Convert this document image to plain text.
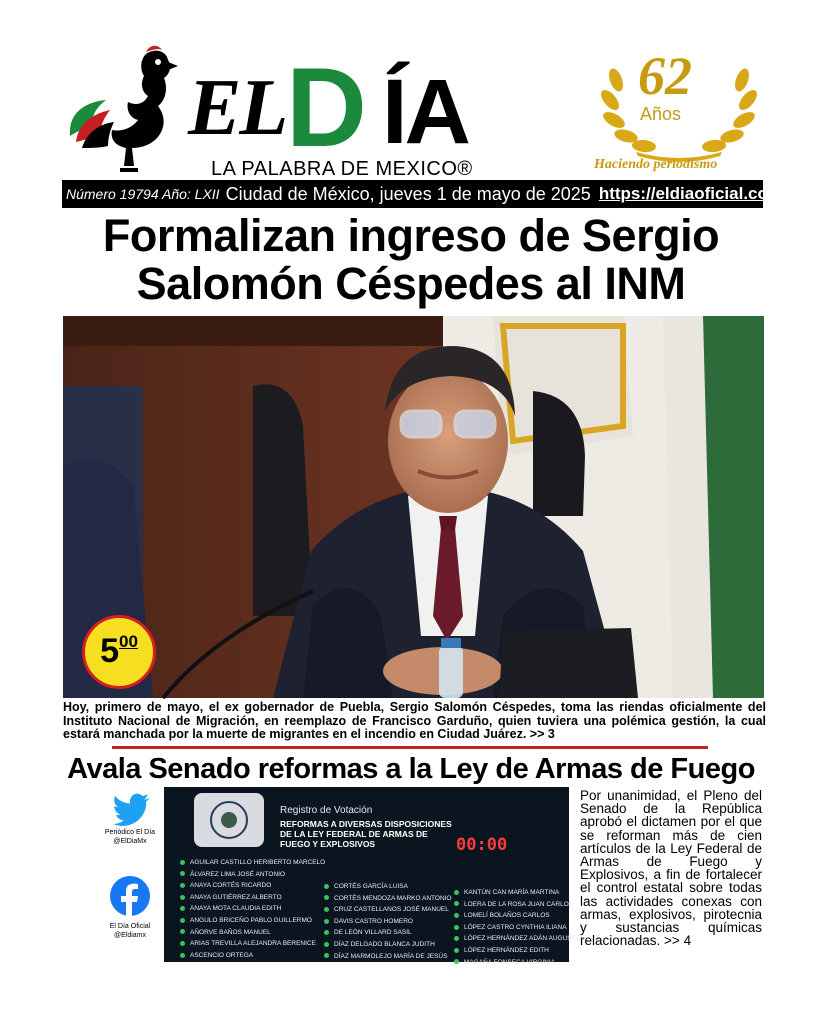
EL D ÍA
LA PALABRA DE MEXICO®
62
Años
Haciendo periodismo
Número 19794 Año: LXII Ciudad de México, jueves 1 de mayo de 2025 https://eldiaoficial.com/
Formalizan ingreso de Sergio
Salomón Céspedes al INM
5 00
Hoy, primero de mayo, el ex gobernador de Puebla, Sergio Salomón Céspedes, toma las riendas oficialmente del Instituto Nacional de Migración, en reemplazo de Francisco Garduño, quien tuviera una polémica gestión, la cual estará manchada por la muerte de migrantes en el incendio en Ciudad Juárez. >> 3
Avala Senado reformas a la Ley de Armas de Fuego
Periódico El Día
@ElDiaMx
El Día Oficial
@Eldiamx
Registro de Votación
REFORMAS A DIVERSAS DISPOSICIONES DE LA LEY FEDERAL DE ARMAS DE FUEGO Y EXPLOSIVOS	00:00
AGUILAR CASTILLO HERIBERTO MARCELO
ÁLVAREZ LIMA JOSÉ ANTONIO
ANAYA CORTÉS RICARDO
ANAYA GUTIÉRREZ ALBERTO
ANAYA MOTA CLAUDIA EDITH
ANGULO BRICEÑO PABLO GUILLERMO
AÑORVE BAÑOS MANUEL
ARIAS TREVILLA ALEJANDRA BERENICE
ASCENCIO ORTEGA
CORTÉS GARCÍA LUISA
CORTÉS MENDOZA MARKO ANTONIO
CRUZ CASTELLANOS JOSÉ MANUEL
DAVIS CASTRO HOMERO
DE LEÓN VILLARD SASIL
DÍAZ DELGADO BLANCA JUDITH
DÍAZ MARMOLEJO MARÍA DE JESÚS
KANTÚN CAN MARÍA MARTINA
LOERA DE LA ROSA JUAN CARLOS
LOMELÍ BOLAÑOS CARLOS
LÓPEZ CASTRO CYNTHIA ILIANA
LÓPEZ HERNÁNDEZ ADÁN AUGUSTO
LÓPEZ HERNÁNDEZ EDITH
MAGAÑA FONSECA VIRGINIA
Por unanimidad, el Pleno del Senado de la República aprobó el dictamen por el que se reforman más de cien artículos de la Ley Federal de Armas de Fuego y Explosivos, a fin de fortalecer el control estatal sobre todas las actividades conexas con armas, explosivos, pirotecnia y sustancias químicas relacionadas. >> 4
